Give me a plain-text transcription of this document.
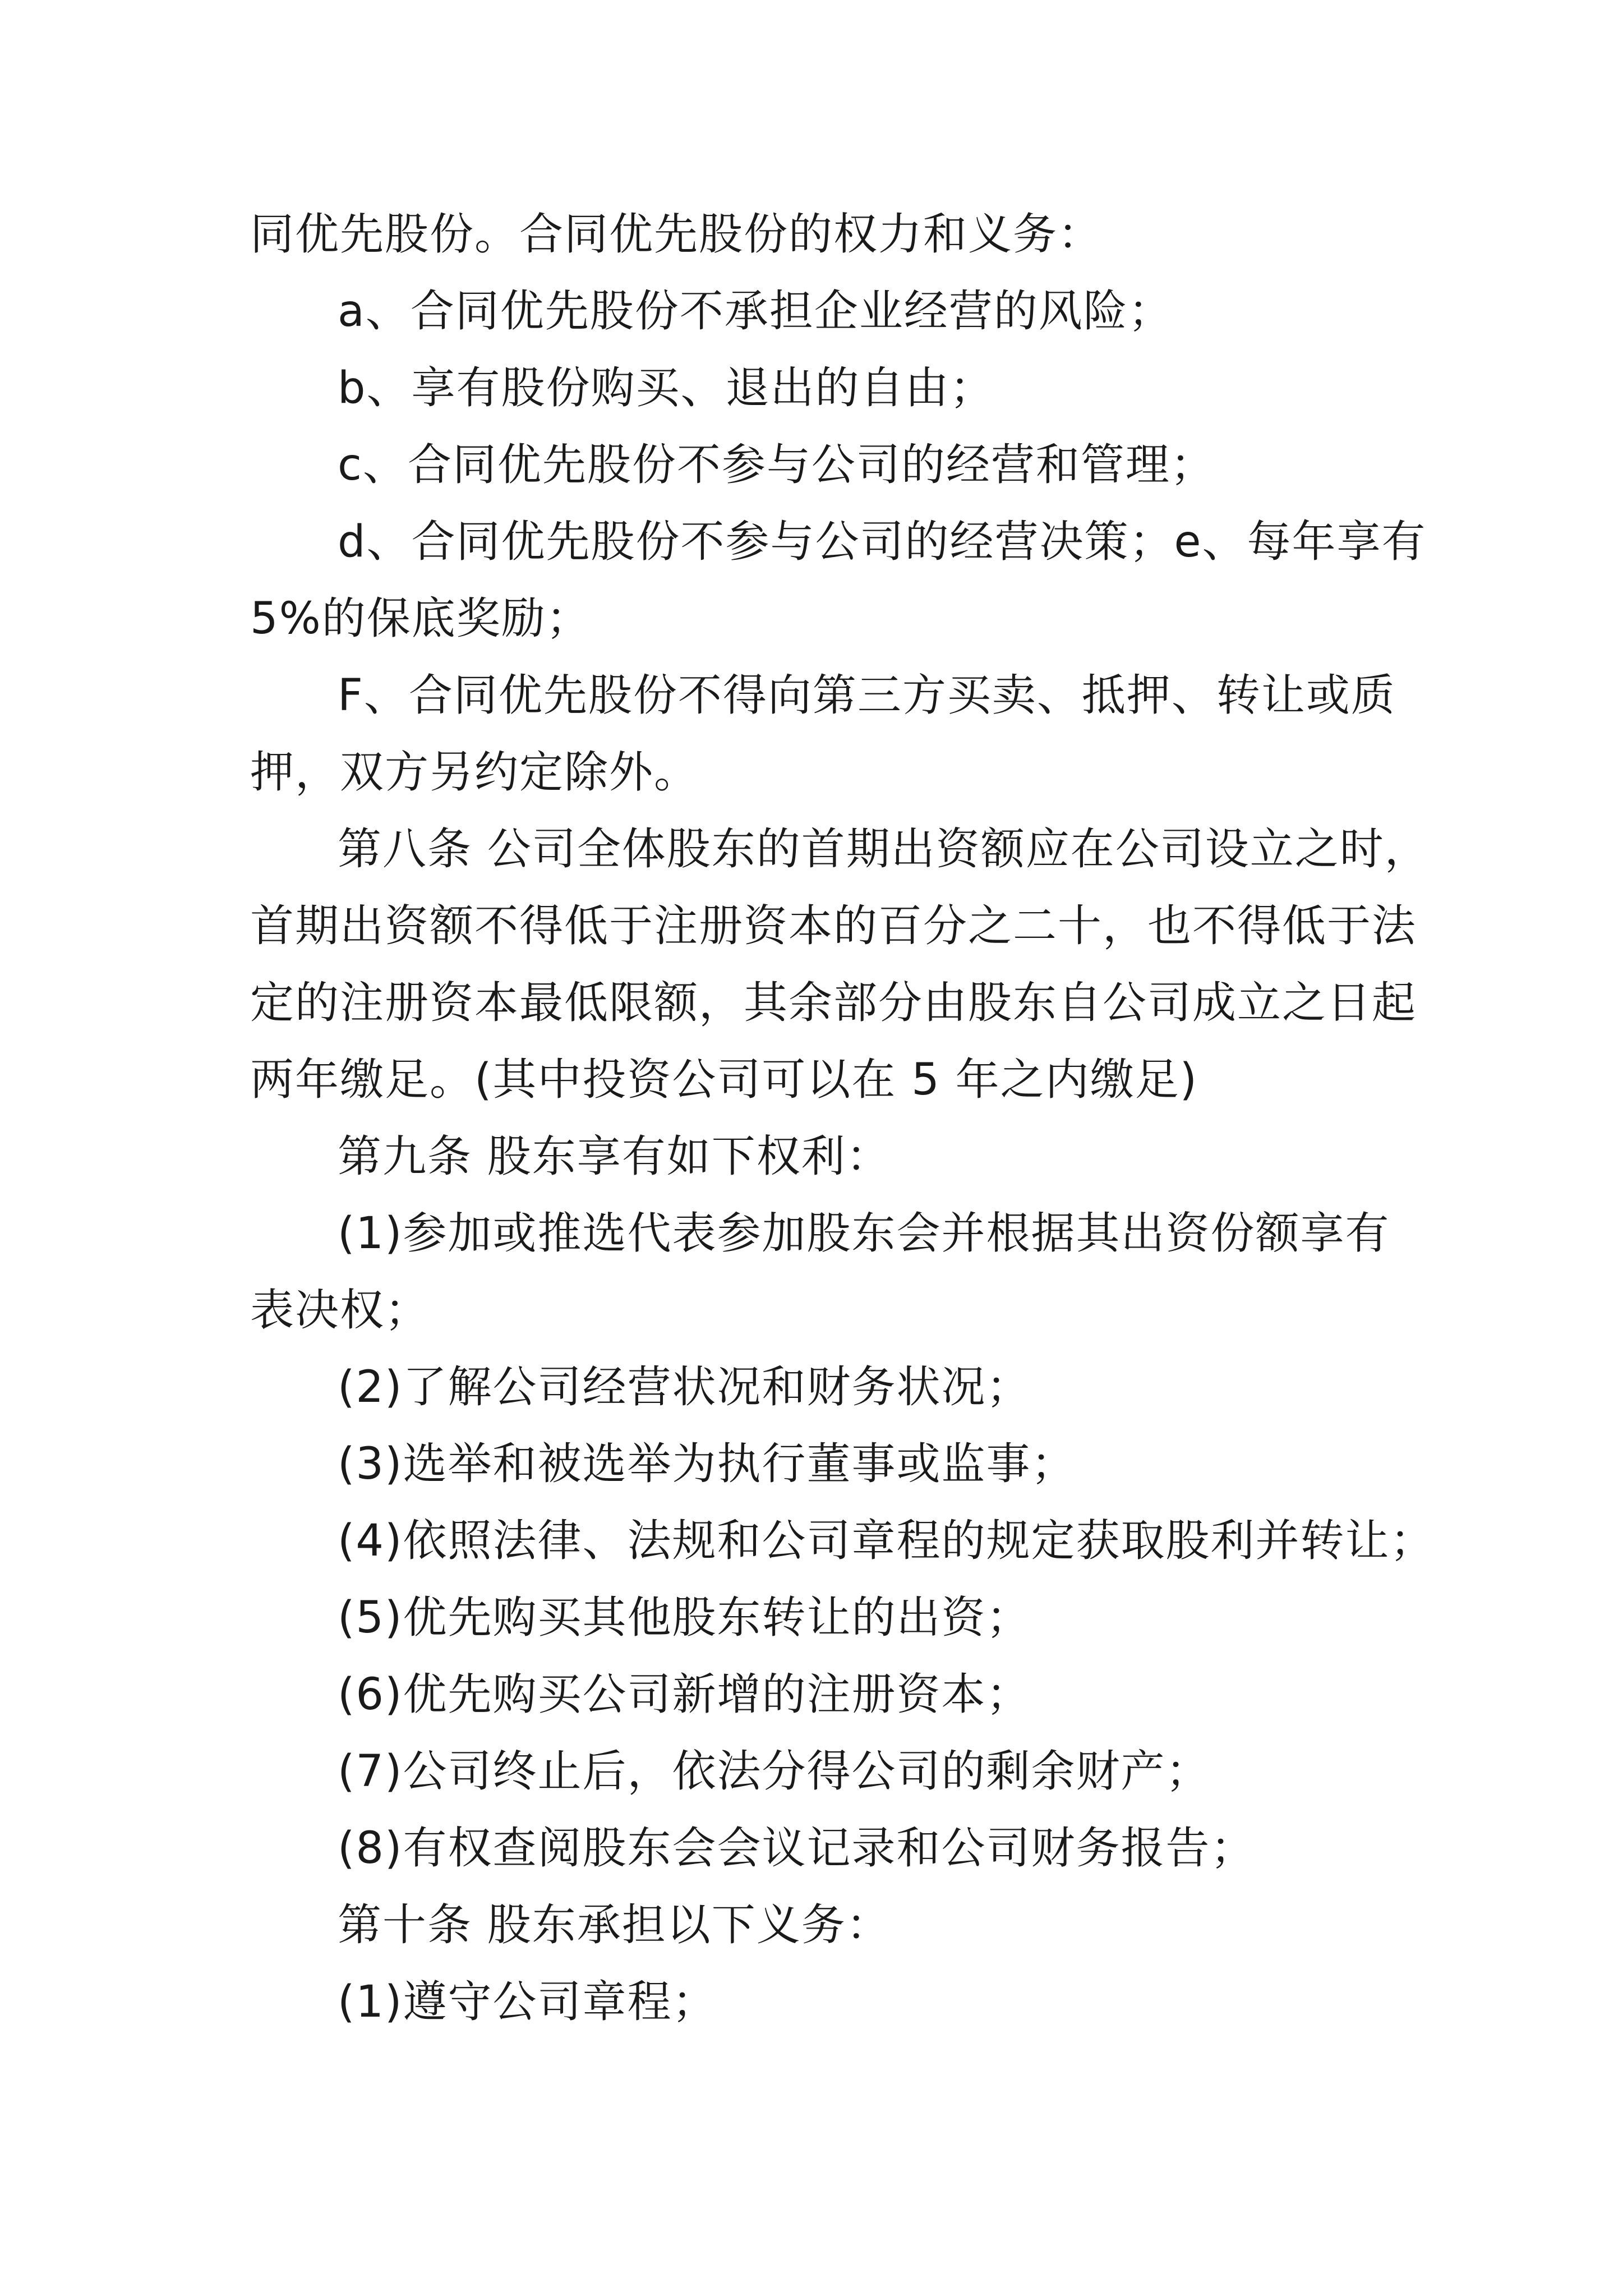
同优先股份。合同优先股份的权力和义务：
a、合同优先股份不承担企业经营的风险；
b、享有股份购买、退出的自由；
c、合同优先股份不参与公司的经营和管理；
d、合同优先股份不参与公司的经营决策；e、每年享有
5%的保底奖励；
F、合同优先股份不得向第三方买卖、抵押、转让或质
押，双方另约定除外。
第八条 公司全体股东的首期出资额应在公司设立之时，
首期出资额不得低于注册资本的百分之二十，也不得低于法
定的注册资本最低限额，其余部分由股东自公司成立之日起
两年缴足。(其中投资公司可以在 5 年之内缴足)
第九条 股东享有如下权利：
(1)参加或推选代表参加股东会并根据其出资份额享有
表决权；
(2)了解公司经营状况和财务状况；
(3)选举和被选举为执行董事或监事；
(4)依照法律、法规和公司章程的规定获取股利并转让；
(5)优先购买其他股东转让的出资；
(6)优先购买公司新增的注册资本；
(7)公司终止后，依法分得公司的剩余财产；
(8)有权查阅股东会会议记录和公司财务报告；
第十条 股东承担以下义务：
(1)遵守公司章程；
